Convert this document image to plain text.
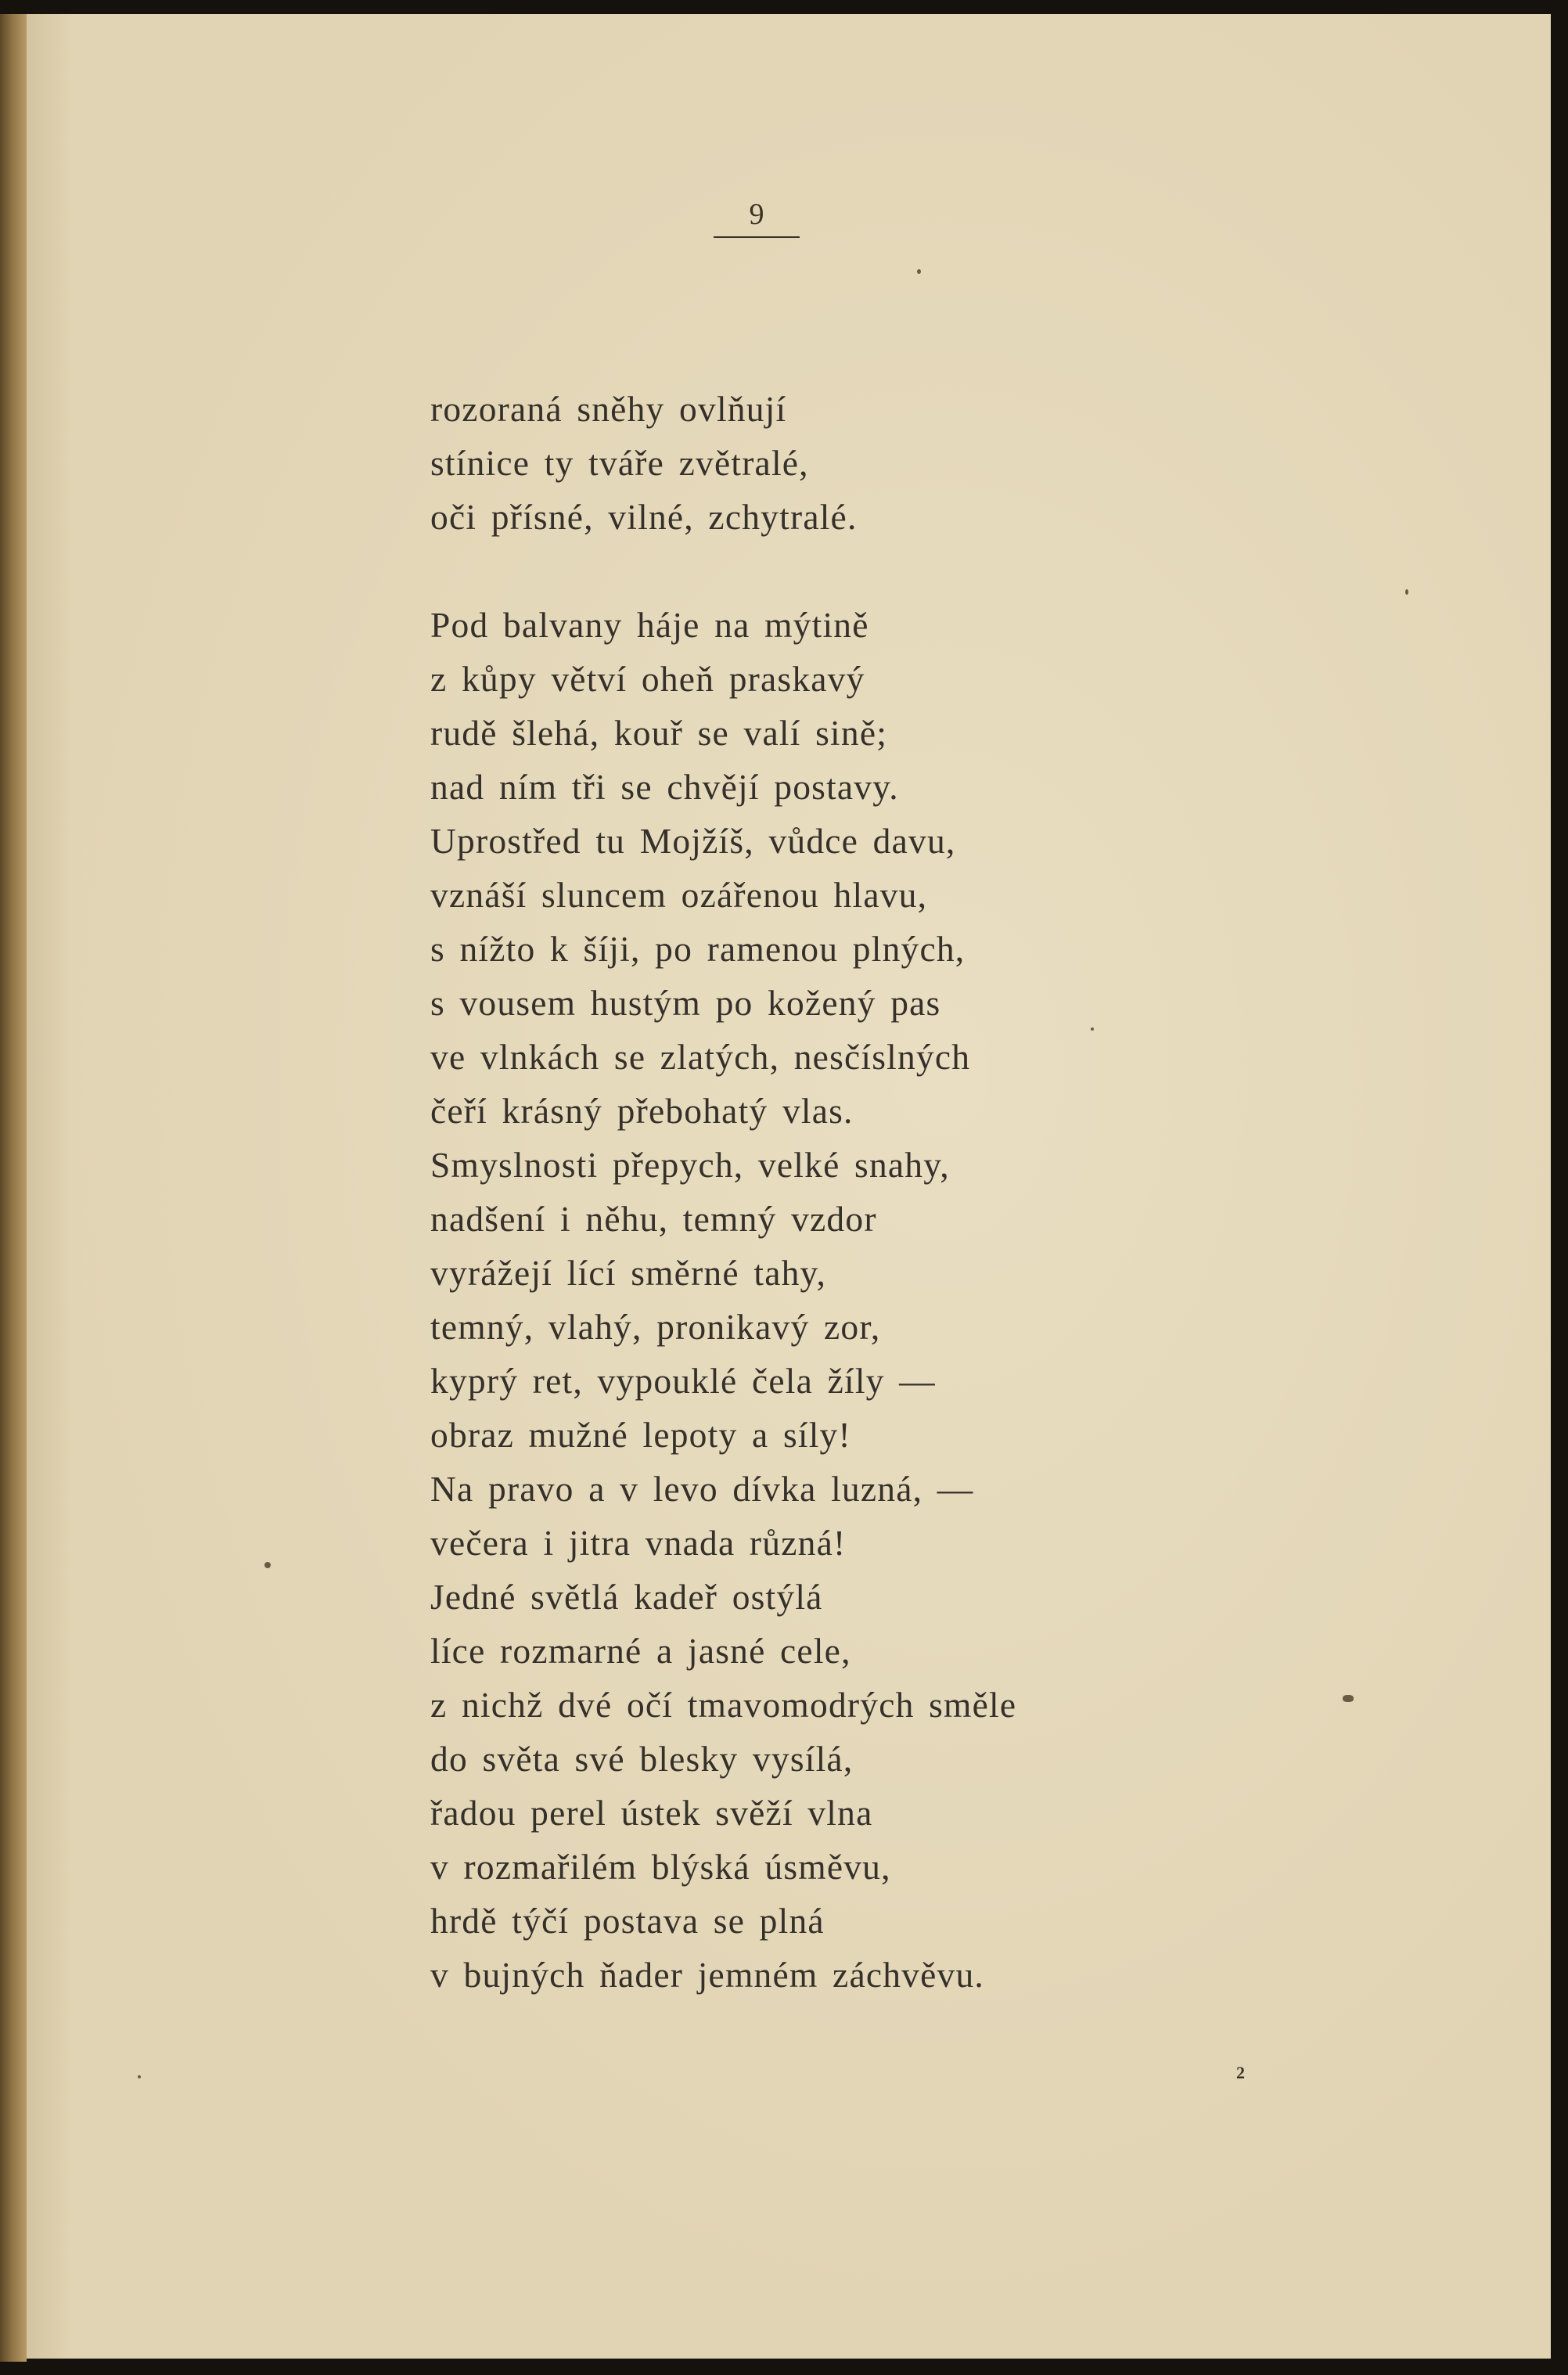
9
rozoraná sněhy ovlňují
stínice ty tváře zvětralé,
oči přísné, vilné, zchytralé.
Pod balvany háje na mýtině
z kůpy větví oheň praskavý
rudě šlehá, kouř se valí sině;
nad ním tři se chvějí postavy.
Uprostřed tu Mojžíš, vůdce davu,
vznáší sluncem ozářenou hlavu,
s nížto k šíji, po ramenou plných,
s vousem hustým po kožený pas
ve vlnkách se zlatých, nesčíslných
čeří krásný přebohatý vlas.
Smyslnosti přepych, velké snahy,
nadšení i něhu, temný vzdor
vyrážejí lící směrné tahy,
temný, vlahý, pronikavý zor,
kyprý ret, vypouklé čela žíly —
obraz mužné lepoty a síly!
Na pravo a v levo dívka luzná, —
večera i jitra vnada různá!
Jedné světlá kadeř ostýlá
líce rozmarné a jasné cele,
z nichž dvé očí tmavomodrých směle
do světa své blesky vysílá,
řadou perel ústek svěží vlna
v rozmařilém blýská úsměvu,
hrdě týčí postava se plná
v bujných ňader jemném záchvěvu.
2
